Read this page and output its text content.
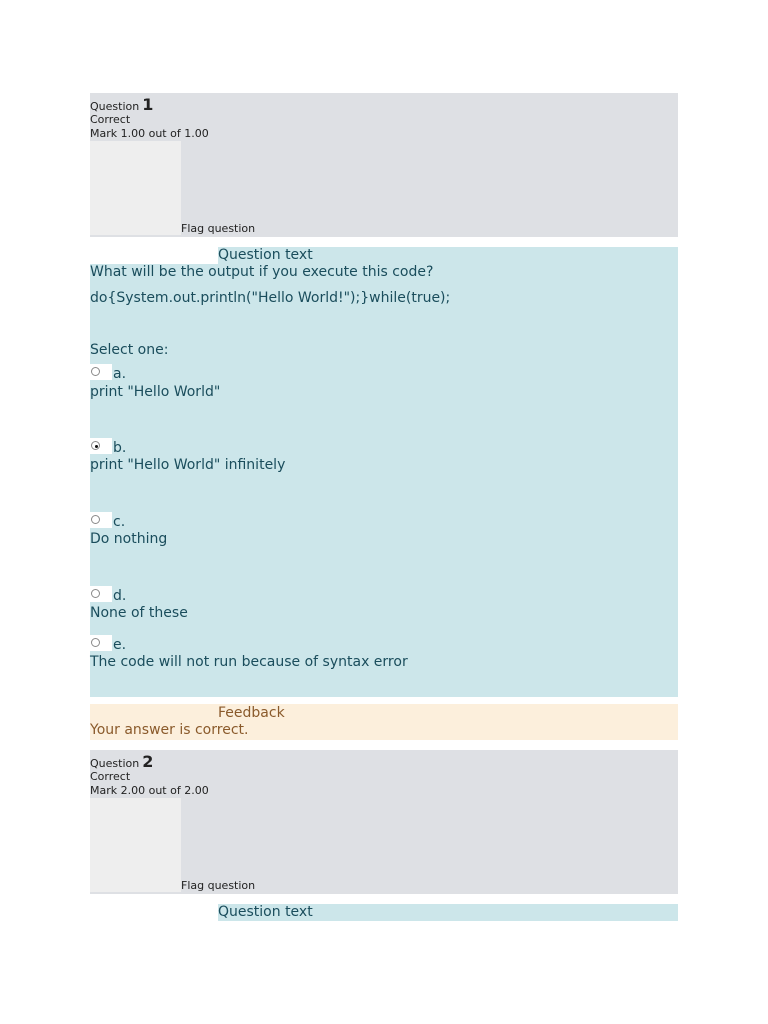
Question 1
Correct
Mark 1.00 out of 1.00
Flag question
Question text
What will be the output if you execute this code?
do{System.out.println("Hello World!");}while(true);
Select one:
a.
print "Hello World"
b.
print "Hello World" infinitely
c.
Do nothing
d.
None of these
e.
The code will not run because of syntax error
Feedback
Your answer is correct.
Question 2
Correct
Mark 2.00 out of 2.00
Flag question
Question text
